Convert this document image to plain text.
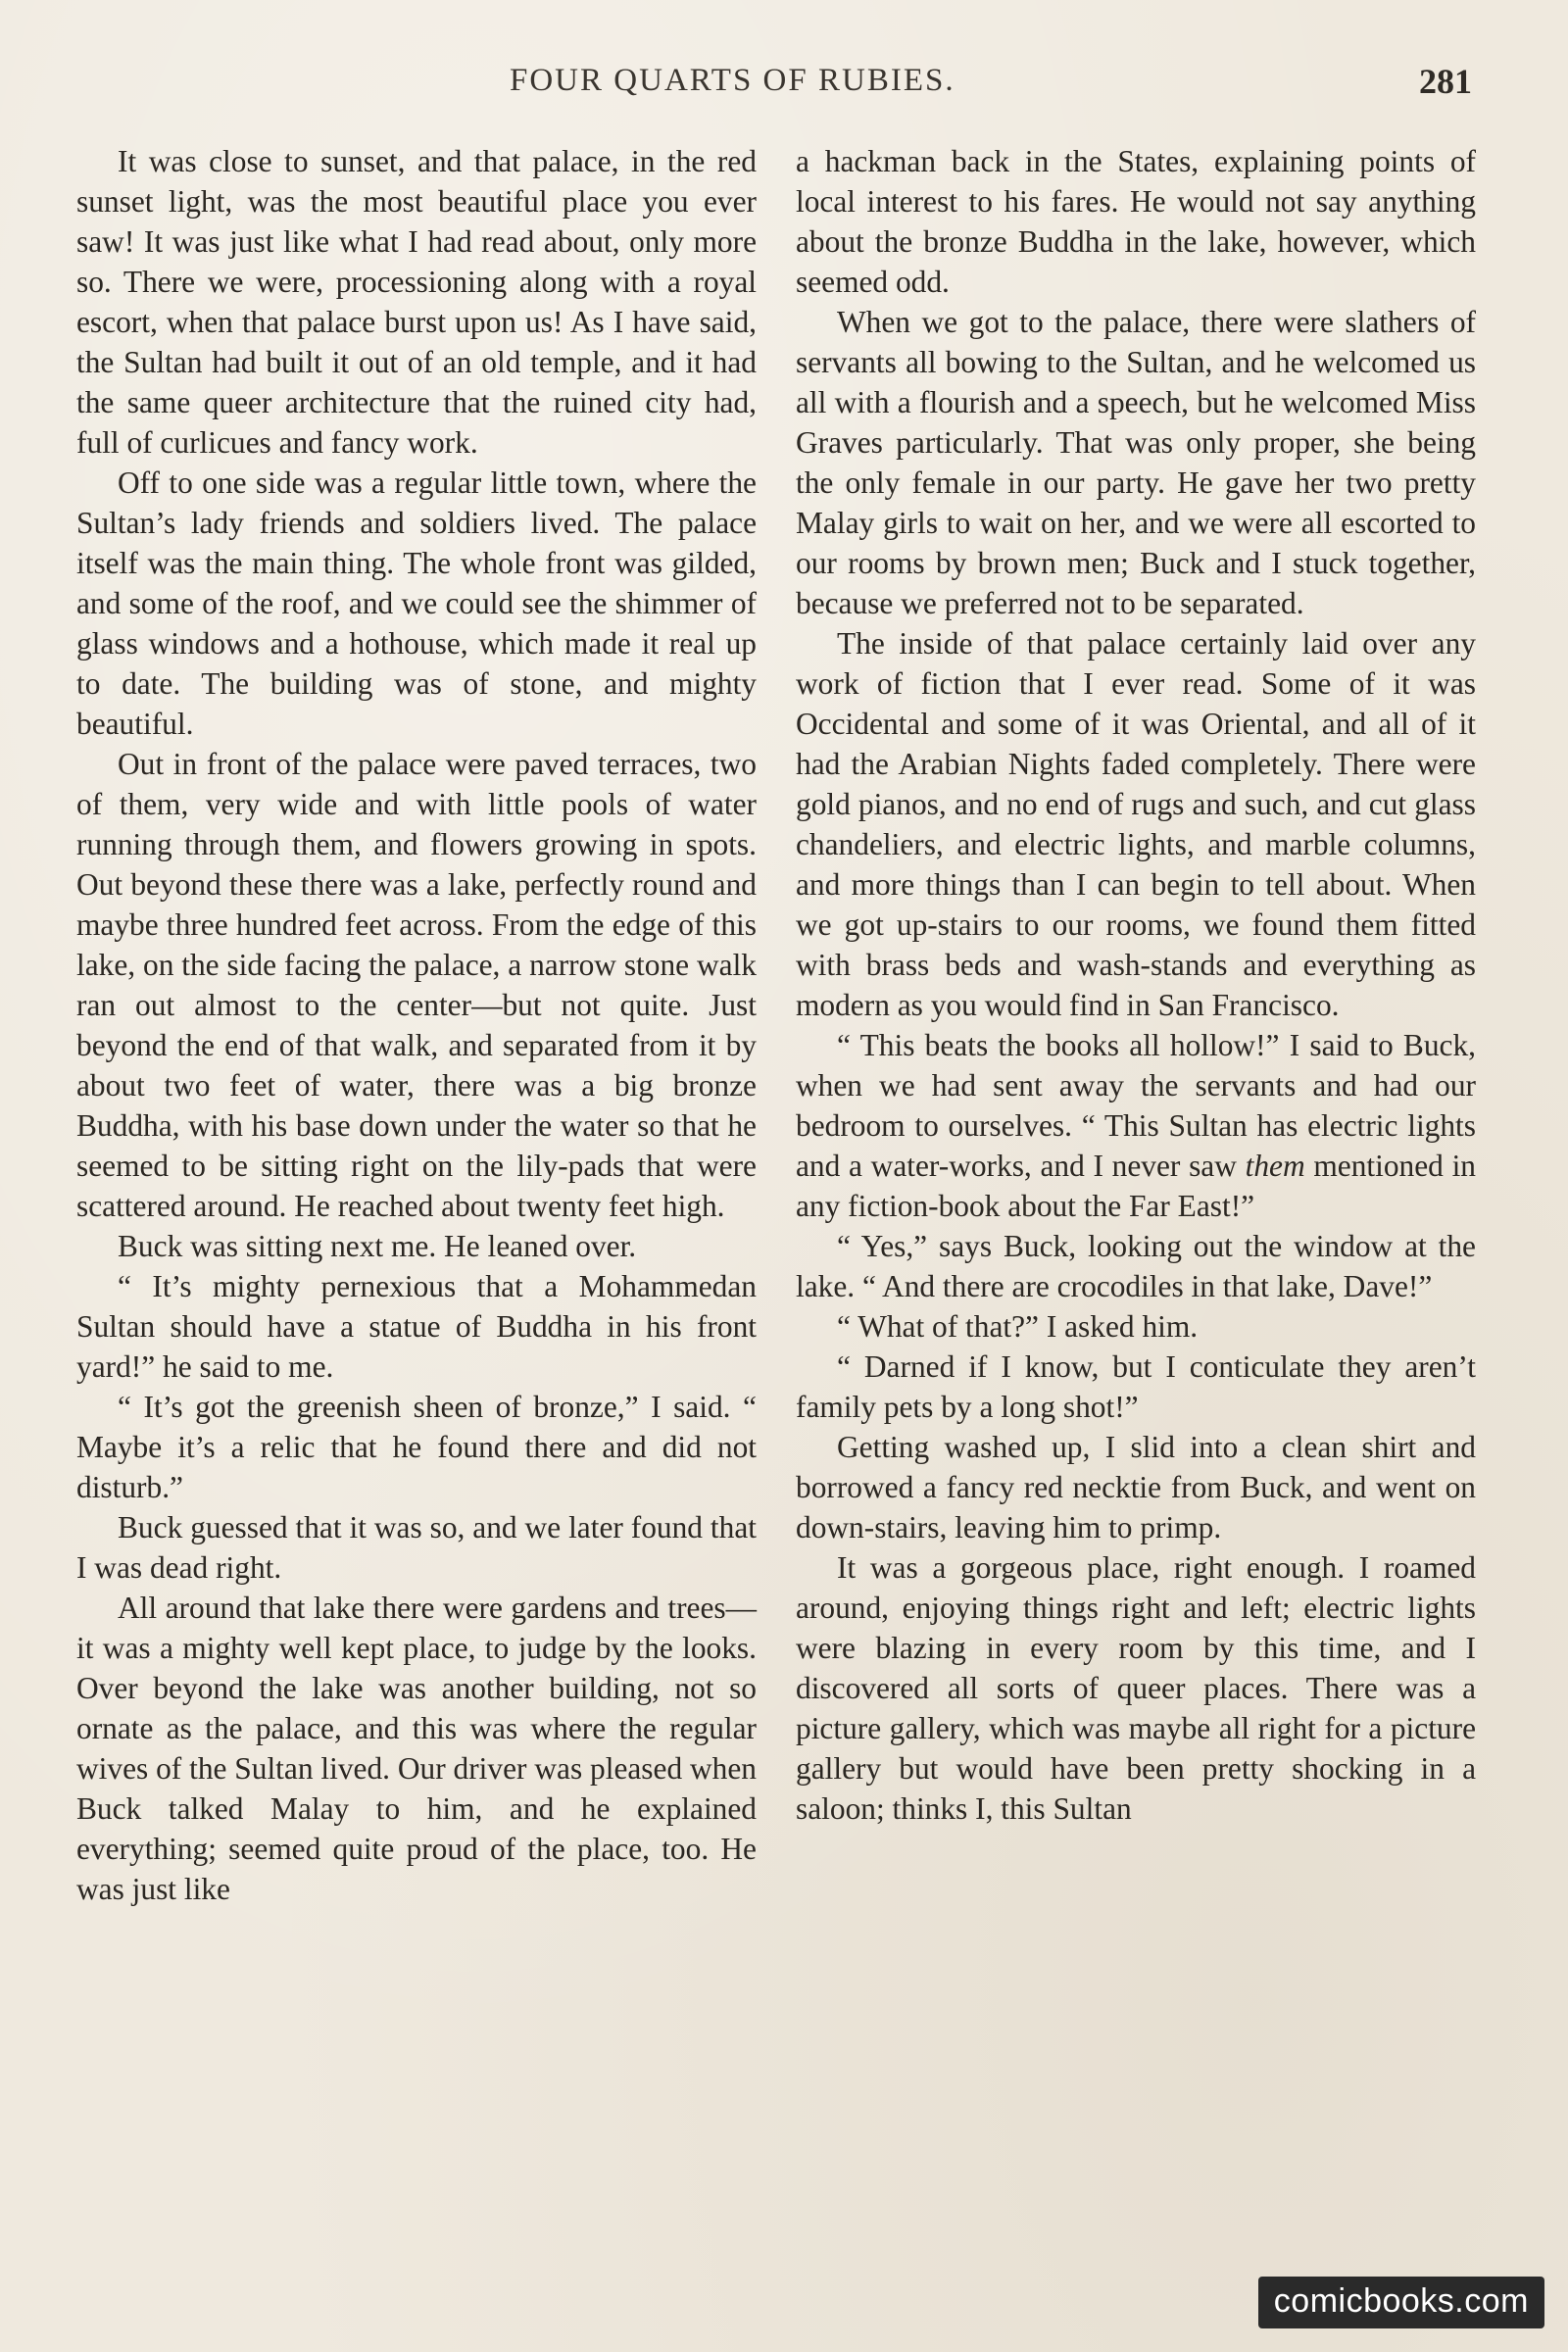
FOUR QUARTS OF RUBIES.	281

It was close to sunset, and that palace, in the red sunset light, was the most beautiful place you ever saw! It was just like what I had read about, only more so. There we were, processioning along with a royal escort, when that palace burst upon us! As I have said, the Sultan had built it out of an old temple, and it had the same queer architecture that the ruined city had, full of curlicues and fancy work.

Off to one side was a regular little town, where the Sultan’s lady friends and soldiers lived. The palace itself was the main thing. The whole front was gilded, and some of the roof, and we could see the shimmer of glass windows and a hothouse, which made it real up to date. The building was of stone, and mighty beautiful.

Out in front of the palace were paved terraces, two of them, very wide and with little pools of water running through them, and flowers growing in spots. Out beyond these there was a lake, perfectly round and maybe three hundred feet across. From the edge of this lake, on the side facing the palace, a narrow stone walk ran out almost to the center—but not quite. Just beyond the end of that walk, and separated from it by about two feet of water, there was a big bronze Buddha, with his base down under the water so that he seemed to be sitting right on the lily-pads that were scattered around. He reached about twenty feet high.

Buck was sitting next me. He leaned over.

“ It’s mighty pernexious that a Mohammedan Sultan should have a statue of Buddha in his front yard!” he said to me.

“ It’s got the greenish sheen of bronze,” I said. “ Maybe it’s a relic that he found there and did not disturb.”

Buck guessed that it was so, and we later found that I was dead right.

All around that lake there were gardens and trees—it was a mighty well kept place, to judge by the looks. Over beyond the lake was another building, not so ornate as the palace, and this was where the regular wives of the Sultan lived. Our driver was pleased when Buck talked Malay to him, and he explained everything; seemed quite proud of the place, too. He was just like

a hackman back in the States, explaining points of local interest to his fares. He would not say anything about the bronze Buddha in the lake, however, which seemed odd.

When we got to the palace, there were slathers of servants all bowing to the Sultan, and he welcomed us all with a flourish and a speech, but he welcomed Miss Graves particularly. That was only proper, she being the only female in our party. He gave her two pretty Malay girls to wait on her, and we were all escorted to our rooms by brown men; Buck and I stuck together, because we preferred not to be separated.

The inside of that palace certainly laid over any work of fiction that I ever read. Some of it was Occidental and some of it was Oriental, and all of it had the Arabian Nights faded completely. There were gold pianos, and no end of rugs and such, and cut glass chandeliers, and electric lights, and marble columns, and more things than I can begin to tell about. When we got up-stairs to our rooms, we found them fitted with brass beds and wash-stands and everything as modern as you would find in San Francisco.

“ This beats the books all hollow!” I said to Buck, when we had sent away the servants and had our bedroom to ourselves. “ This Sultan has electric lights and a water-works, and I never saw them mentioned in any fiction-book about the Far East!”

“ Yes,” says Buck, looking out the window at the lake. “ And there are crocodiles in that lake, Dave!”

“ What of that?” I asked him.

“ Darned if I know, but I conticulate they aren’t family pets by a long shot!”

Getting washed up, I slid into a clean shirt and borrowed a fancy red necktie from Buck, and went on down-stairs, leaving him to primp.

It was a gorgeous place, right enough. I roamed around, enjoying things right and left; electric lights were blazing in every room by this time, and I discovered all sorts of queer places. There was a picture gallery, which was maybe all right for a picture gallery but would have been pretty shocking in a saloon; thinks I, this Sultan

comicbooks.com
